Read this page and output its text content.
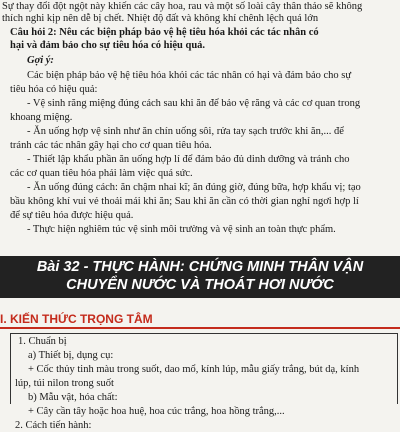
Sự thay đổi đột ngột này khiến các cây hoa, rau và một số loài cây thân thảo sẽ không
thích nghi kịp nên dễ bị chết. Nhiệt độ đất và không khí chênh lệch quá lớn
Câu hỏi 2: Nêu các biện pháp bảo vệ hệ tiêu hóa khỏi các tác nhân có
hại và đảm bảo cho sự tiêu hóa có hiệu quả.
Gợi ý:
Các biện pháp bảo vệ hệ tiêu hóa khỏi các tác nhân có hại và đảm bảo cho sự
tiêu hóa có hiệu quả:
- Vệ sinh răng miệng đúng cách sau khi ăn để bảo vệ răng và các cơ quan trong
khoang miệng.
- Ăn uống hợp vệ sinh như ăn chín uống sôi, rửa tay sạch trước khi ăn,... để
tránh các tác nhân gây hại cho cơ quan tiêu hóa.
- Thiết lập khẩu phần ăn uống hợp lí để đảm bảo đủ dinh dưỡng và tránh cho
các cơ quan tiêu hóa phải làm việc quá sức.
- Ăn uống đúng cách: ăn chậm nhai kĩ; ăn đúng giờ, đúng bữa, hợp khẩu vị; tạo
bầu không khí vui vẻ thoải mái khi ăn; Sau khi ăn cần có thời gian nghỉ ngơi hợp lí
để sự tiêu hóa được hiệu quả.
- Thực hiện nghiêm túc vệ sinh môi trường và vệ sinh an toàn thực phẩm.
Bài 32 - THỰC HÀNH: CHỨNG MINH THÂN VẬN
CHUYỂN NƯỚC VÀ THOÁT HƠI NƯỚC
I. KIẾN THỨC TRỌNG TÂM
1. Chuẩn bị
a) Thiết bị, dụng cụ:
+ Cốc thủy tinh màu trong suốt, dao mổ, kính lúp, mẫu giấy trắng, bút dạ, kính
lúp, túi nilon trong suốt
b) Mẫu vật, hóa chất:
+ Cây cần tây hoặc hoa huệ, hoa cúc trắng, hoa hồng trắng,...
2. Cách tiến hành:
